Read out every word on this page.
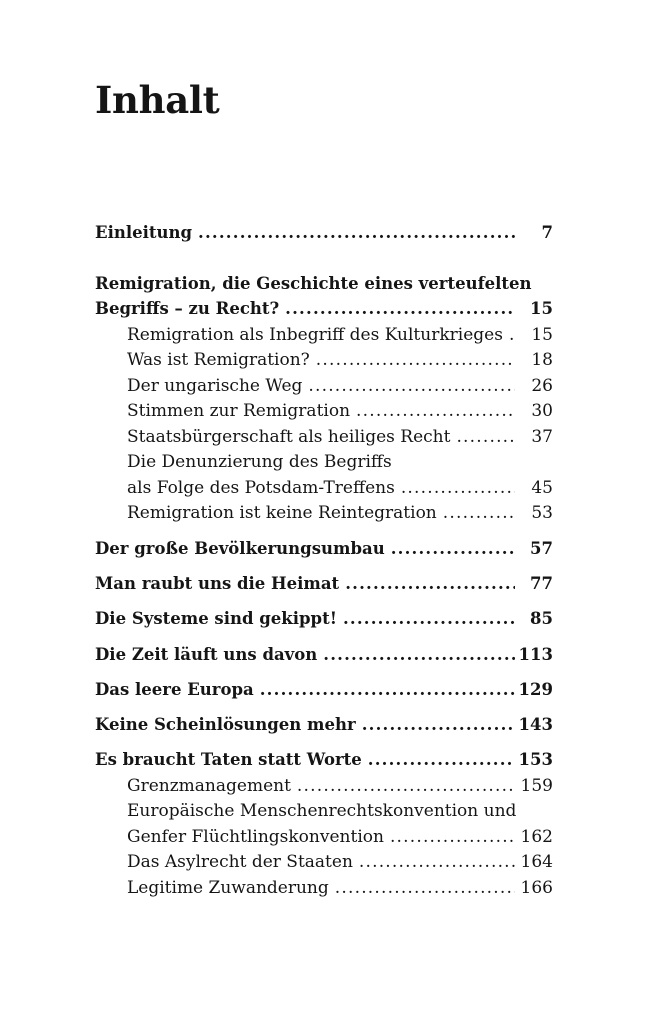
Inhalt
Einleitung .....	7
Remigration, die Geschichte eines verteufelten
Begriffs – zu Recht? .....	15
Remigration als Inbegriff des Kulturkrieges .....	15
Was ist Remigration? .....	18
Der ungarische Weg .....	26
Stimmen zur Remigration .....	30
Staatsbürgerschaft als heiliges Recht .....	37
Die Denunzierung des Begriffs
als Folge des Potsdam-Treffens .....	45
Remigration ist keine Reintegration .....	53
Der große Bevölkerungsumbau .....	57
Man raubt uns die Heimat .....	77
Die Systeme sind gekippt! .....	85
Die Zeit läuft uns davon .....	113
Das leere Europa .....	129
Keine Scheinlösungen mehr .....	143
Es braucht Taten statt Worte .....	153
Grenzmanagement .....	159
Europäische Menschenrechtskonvention und
Genfer Flüchtlingskonvention .....	162
Das Asylrecht der Staaten .....	164
Legitime Zuwanderung .....	166
